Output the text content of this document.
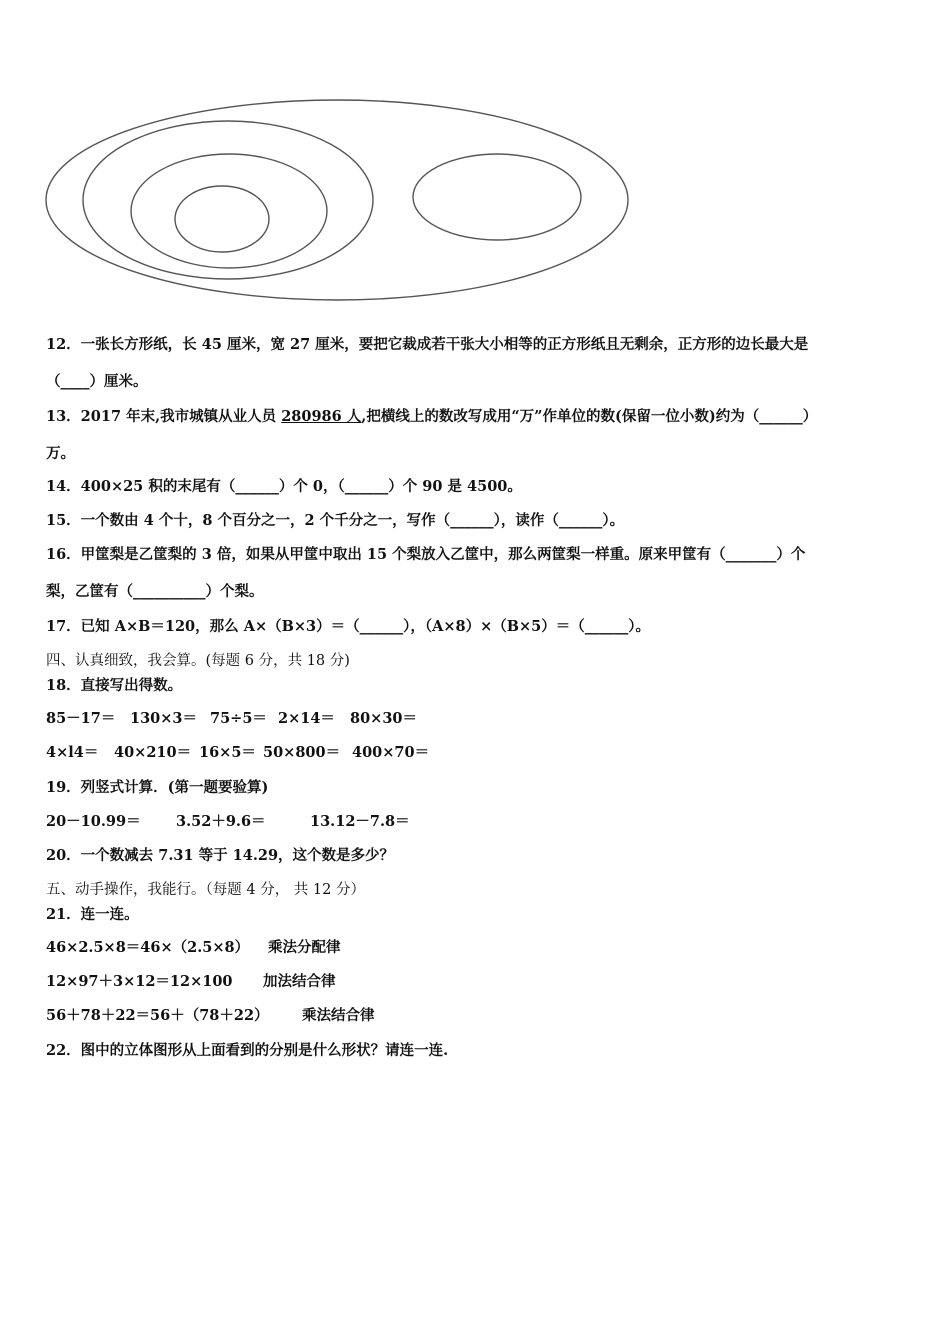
12．一张长方形纸，长 45 厘米，宽 27 厘米，要把它裁成若干张大小相等的正方形纸且无剩余，正方形的边长最大是
（____）厘米。
13．2017 年末,我市城镇从业人员 280986 人,把横线上的数改写成用“万”作单位的数(保留一位小数)约为（______）
万。
14．400×25 积的末尾有（______）个 0，（______）个 90 是 4500。
15．一个数由 4 个十，8 个百分之一，2 个千分之一，写作（______），读作（______）。
16．甲筐梨是乙筐梨的 3 倍，如果从甲筐中取出 15 个梨放入乙筐中，那么两筐梨一样重。原来甲筐有（_______）个
梨，乙筐有（__________）个梨。
17．已知 A×B＝120，那么 A×（B×3）＝（______），（A×8）×（B×5）＝（______）。
四、认真细致，我会算。(每题 6 分，共 18 分)
18．直接写出得数。
85－17＝ 130×3＝ 75÷5＝ 2×14＝ 80×30＝
4×l4＝ 40×210＝ 16×5＝ 50×800＝ 400×70＝
19．列竖式计算．(第一题要验算)
20－10.99＝ 3.52＋9.6＝	13.12－7.8＝
20．一个数减去 7.31 等于 14.29，这个数是多少？
五、动手操作，我能行。（每题 4 分， 共 12 分）
21．连一连。
46×2.5×8＝46×（2.5×8） 乘法分配律
12×97＋3×12＝12×100 加法结合律
56＋78＋22＝56＋（78＋22） 乘法结合律
22．图中的立体图形从上面看到的分别是什么形状？请连一连.
